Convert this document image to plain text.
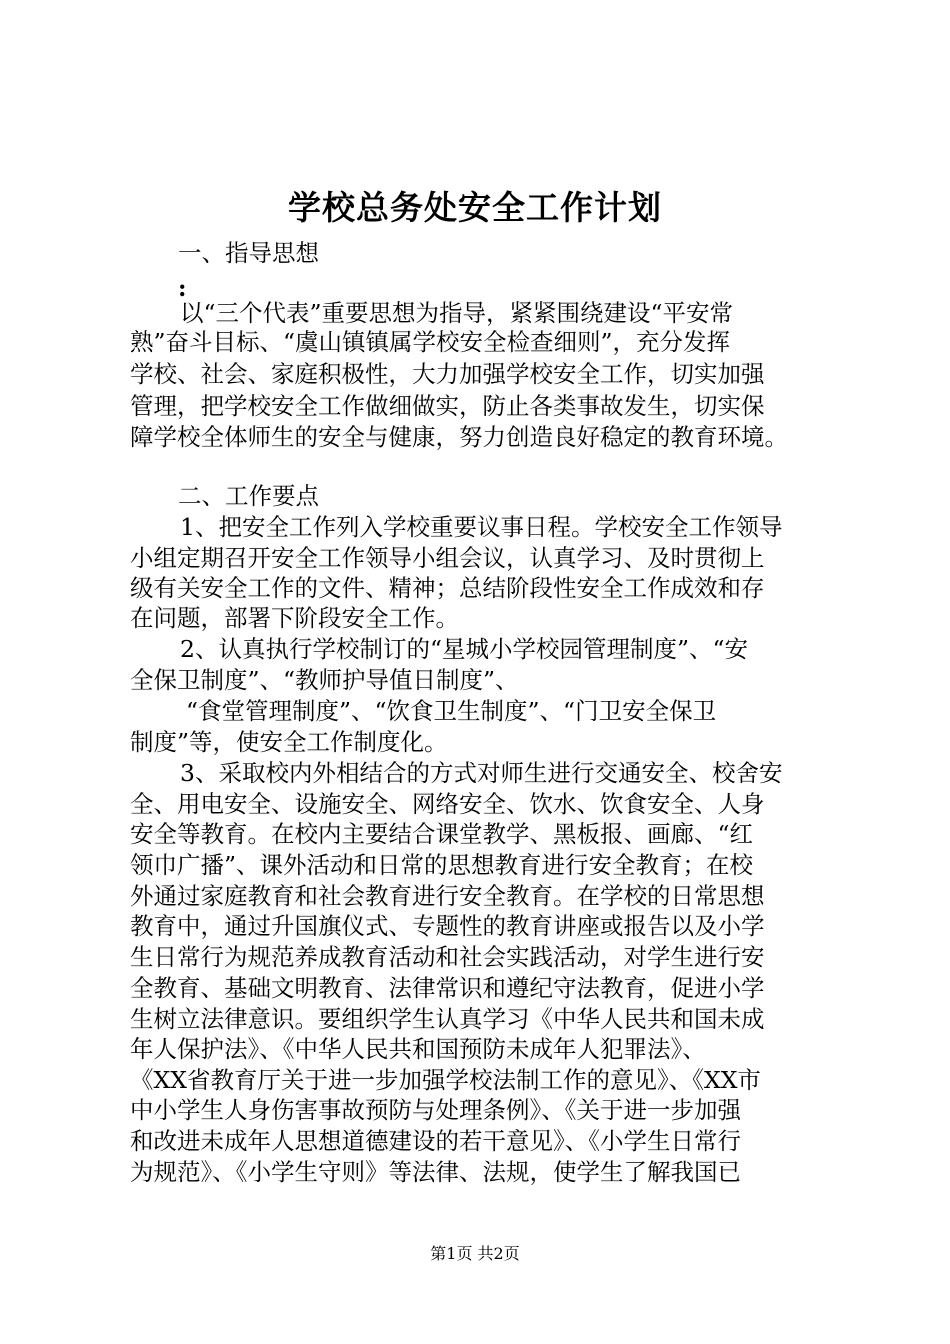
学校总务处安全工作计划
一、指导思想
:
以“三个代表”重要思想为指导，紧紧围绕建设“平安常
熟”奋斗目标、“虞山镇镇属学校安全检查细则”，充分发挥
学校、社会、家庭积极性，大力加强学校安全工作，切实加强
管理，把学校安全工作做细做实，防止各类事故发生，切实保
障学校全体师生的安全与健康，努力创造良好稳定的教育环境。
二、工作要点
1、把安全工作列入学校重要议事日程。学校安全工作领导
小组定期召开安全工作领导小组会议，认真学习、及时贯彻上
级有关安全工作的文件、精神；总结阶段性安全工作成效和存
在问题，部署下阶段安全工作。
2、认真执行学校制订的“星城小学校园管理制度”、“安
全保卫制度”、“教师护导值日制度”、
“食堂管理制度”、“饮食卫生制度”、“门卫安全保卫
制度”等，使安全工作制度化。
3、采取校内外相结合的方式对师生进行交通安全、校舍安
全、用电安全、设施安全、网络安全、饮水、饮食安全、人身
安全等教育。在校内主要结合课堂教学、黑板报、画廊、“红
领巾广播”、课外活动和日常的思想教育进行安全教育；在校
外通过家庭教育和社会教育进行安全教育。在学校的日常思想
教育中，通过升国旗仪式、专题性的教育讲座或报告以及小学
生日常行为规范养成教育活动和社会实践活动，对学生进行安
全教育、基础文明教育、法律常识和遵纪守法教育，促进小学
生树立法律意识。要组织学生认真学习《中华人民共和国未成
年人保护法》、《中华人民共和国预防未成年人犯罪法》、
《XX省教育厅关于进一步加强学校法制工作的意见》、《XX市
中小学生人身伤害事故预防与处理条例》、《关于进一步加强
和改进未成年人思想道德建设的若干意见》、《小学生日常行
为规范》、《小学生守则》等法律、法规，使学生了解我国已
第1页 共2页
